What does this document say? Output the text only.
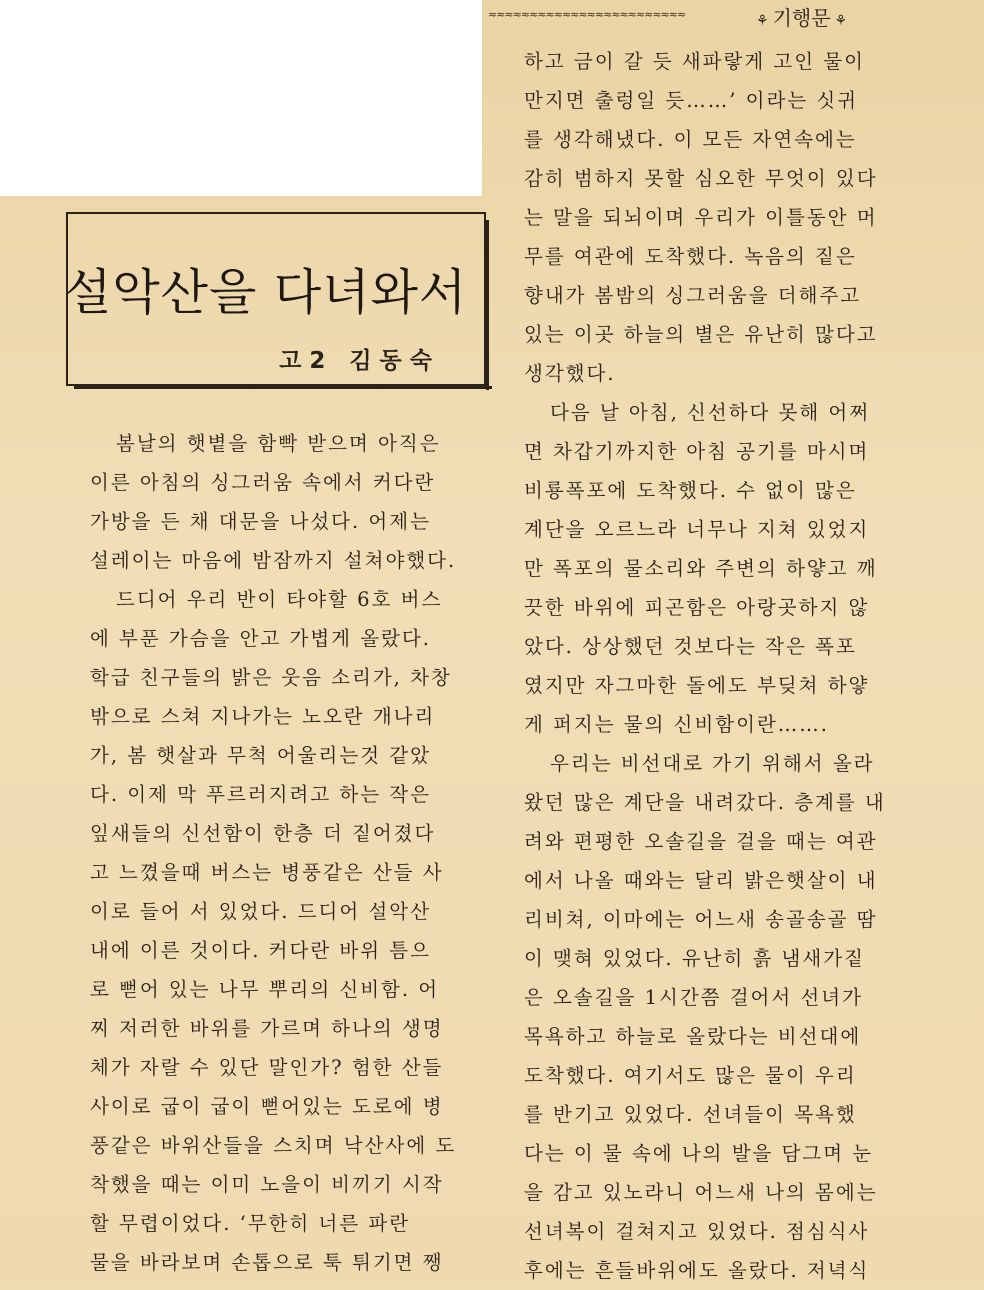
≈≈≈≈≈≈≈≈≈≈≈≈≈≈≈≈≈≈≈≈≈≈≈≈	⚘ 기행문 ⚘
설악산을 다녀와서
고2 김동숙
봄날의 햇볕을 함빡 받으며 아직은
이른 아침의 싱그러움 속에서 커다란
가방을 든 채 대문을 나섰다. 어제는
설레이는 마음에 밤잠까지 설쳐야했다.
드디어 우리 반이 타야할 6호 버스
에 부푼 가슴을 안고 가볍게 올랐다.
학급 친구들의 밝은 웃음 소리가, 차창
밖으로 스쳐 지나가는 노오란 개나리
가, 봄 햇살과 무척 어울리는것 같았
다. 이제 막 푸르러지려고 하는 작은
잎새들의 신선함이 한층 더 짙어졌다
고 느꼈을때 버스는 병풍같은 산들 사
이로 들어 서 있었다. 드디어 설악산
내에 이른 것이다. 커다란 바위 틈으
로 뻗어 있는 나무 뿌리의 신비함. 어
찌 저러한 바위를 가르며 하나의 생명
체가 자랄 수 있단 말인가? 험한 산들
사이로 굽이 굽이 뻗어있는 도로에 병
풍같은 바위산들을 스치며 낙산사에 도
착했을 때는 이미 노을이 비끼기 시작
할 무렵이었다. ‘무한히 너른 파란
물을 바라보며 손톱으로 툭 튀기면 쨍
하고 금이 갈 듯 새파랗게 고인 물이
만지면 출렁일 듯……’ 이라는 싯귀
를 생각해냈다. 이 모든 자연속에는
감히 범하지 못할 심오한 무엇이 있다
는 말을 되뇌이며 우리가 이틀동안 머
무를 여관에 도착했다. 녹음의 짙은
향내가 봄밤의 싱그러움을 더해주고
있는 이곳 하늘의 별은 유난히 많다고
생각했다.
다음 날 아침, 신선하다 못해 어쩌
면 차갑기까지한 아침 공기를 마시며
비룡폭포에 도착했다. 수 없이 많은
계단을 오르느라 너무나 지쳐 있었지
만 폭포의 물소리와 주변의 하얗고 깨
끗한 바위에 피곤함은 아랑곳하지 않
았다. 상상했던 것보다는 작은 폭포
였지만 자그마한 돌에도 부딪쳐 하얗
게 퍼지는 물의 신비함이란…….
우리는 비선대로 가기 위해서 올라
왔던 많은 계단을 내려갔다. 층계를 내
려와 편평한 오솔길을 걸을 때는 여관
에서 나올 때와는 달리 밝은햇살이 내
리비쳐, 이마에는 어느새 송골송골 땀
이 맺혀 있었다. 유난히 흙 냄새가짙
은 오솔길을 1시간쯤 걸어서 선녀가
목욕하고 하늘로 올랐다는 비선대에
도착했다. 여기서도 많은 물이 우리
를 반기고 있었다. 선녀들이 목욕했
다는 이 물 속에 나의 발을 담그며 눈
을 감고 있노라니 어느새 나의 몸에는
선녀복이 걸쳐지고 있었다. 점심식사
후에는 흔들바위에도 올랐다. 저녁식
